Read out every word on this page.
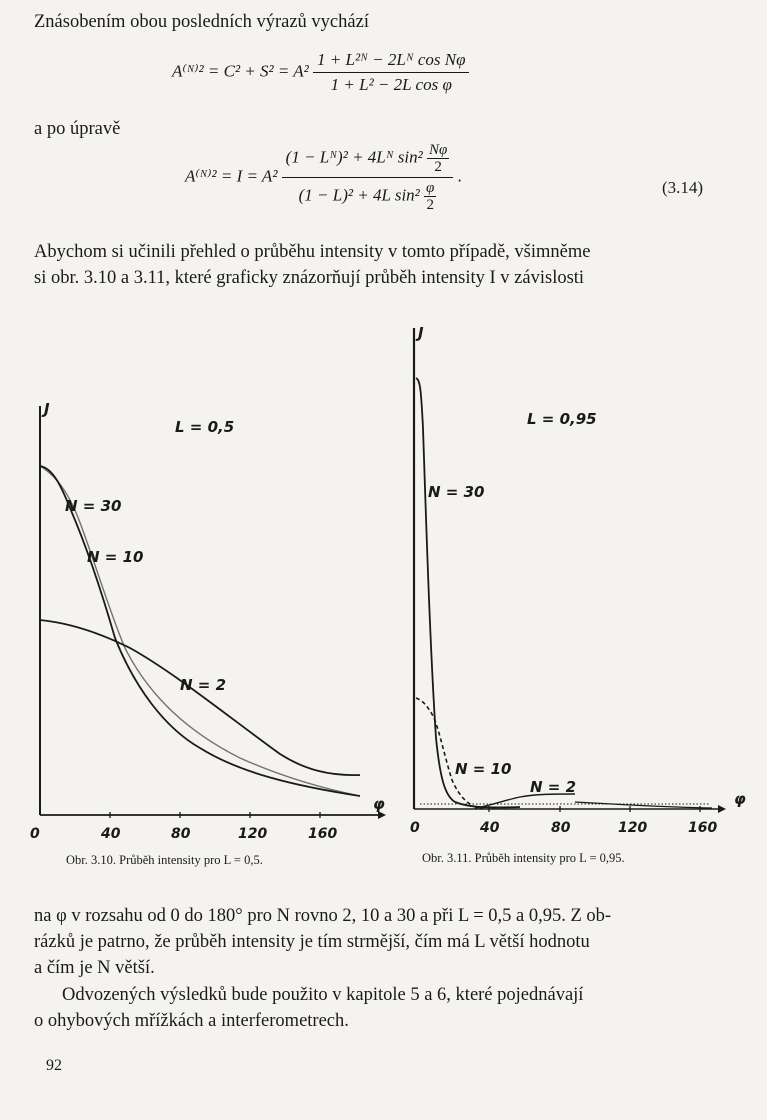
Znásobením obou posledních výrazů vychází
A⁽ᴺ⁾² = $C^2 + S^2 = A^2 \frac{\text{1 + L²ᴺ − 2Lᴺ cos Nφ}}{\text{1 + L² − 2L cos φ}}$
a po úpravě
A⁽ᴺ⁾² = $I = A^2 \frac{(1 - Lᴺ)^2 + 4Lᴺ \sin^2 \frac{N\varphi}{2}}{(1 - L)^2 + 4L \sin^2 \frac{\varphi}{2}}$ .
(3.14)
Abychom si učinili přehled o průběhu intensity v tomto případě, všimněme
si obr. 3.10 a 3.11, které graficky znázorňují průběh intensity I v závislosti
J
φ
L = 0,5
N = 30
N = 10
N = 2
0	40	80	120	160
J
φ
L = 0,95
N = 30
N = 10
N = 2
0	40	80	120	160
Obr. 3.10. Průběh intensity pro L = 0,5.	Obr. 3.11. Průběh intensity pro L = 0,95.
na φ v rozsahu od 0 do 180° pro N rovno 2, 10 a 30 a při L = 0,5 a 0,95. Z ob-
rázků je patrno, že průběh intensity je tím strmější, čím má L větší hodnotu
a čím je N větší.
Odvozených výsledků bude použito v kapitole 5 a 6, které pojednávají
o ohybových mřížkách a interferometrech.
92
